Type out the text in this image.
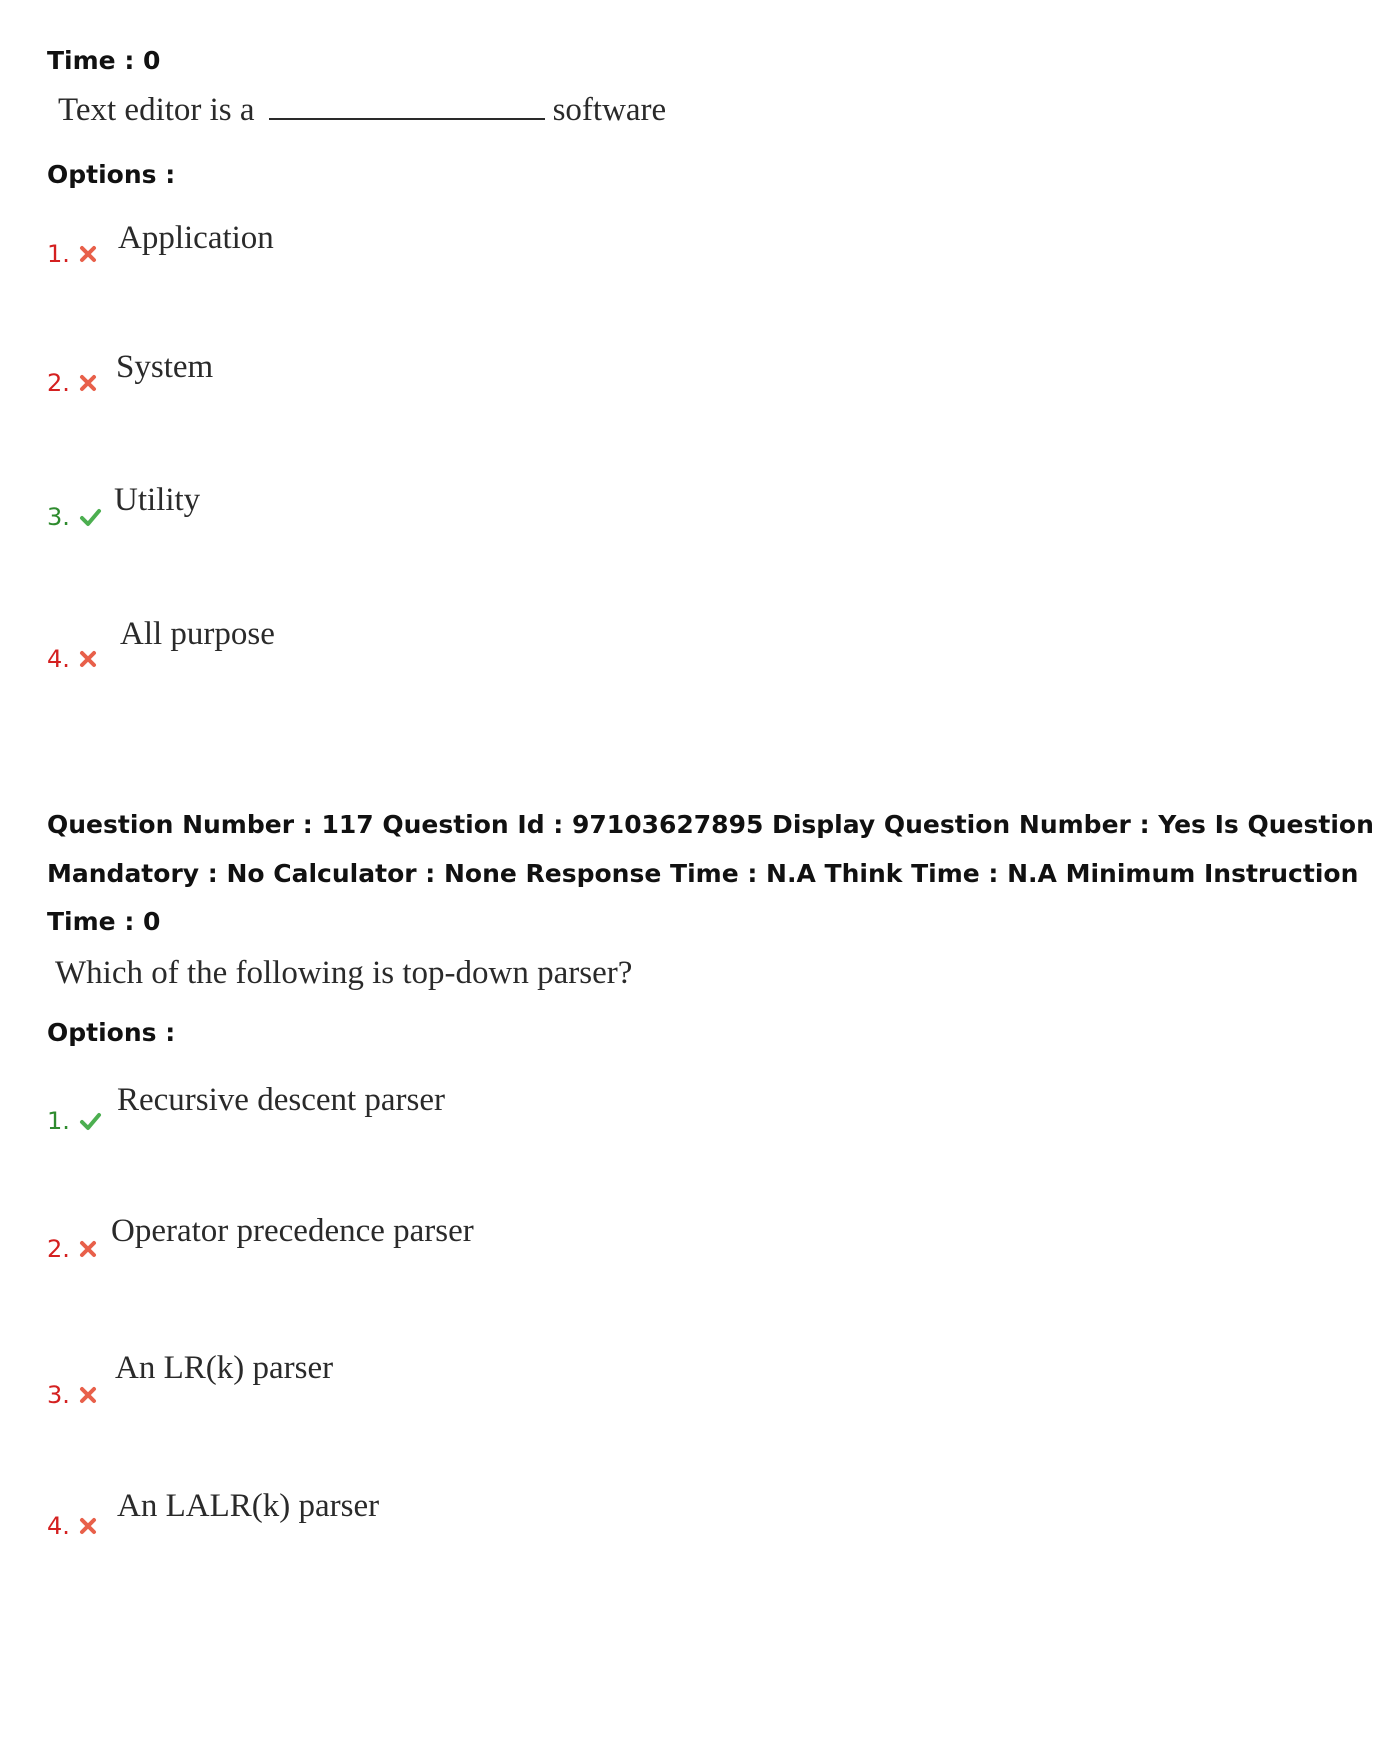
Time : 0
Text editor is a	software
Options :
1.	Application
2.	System
3.	Utility
4.
All purpose
Question Number : 117 Question Id : 97103627895 Display Question Number : Yes Is Question
Mandatory : No Calculator : None Response Time : N.A Think Time : N.A Minimum Instruction
Time : 0
Which of the following is top-down parser?
Options :
1.
Recursive descent parser
2.	Operator precedence parser
3.
An LR(k) parser
4.
An LALR(k) parser
